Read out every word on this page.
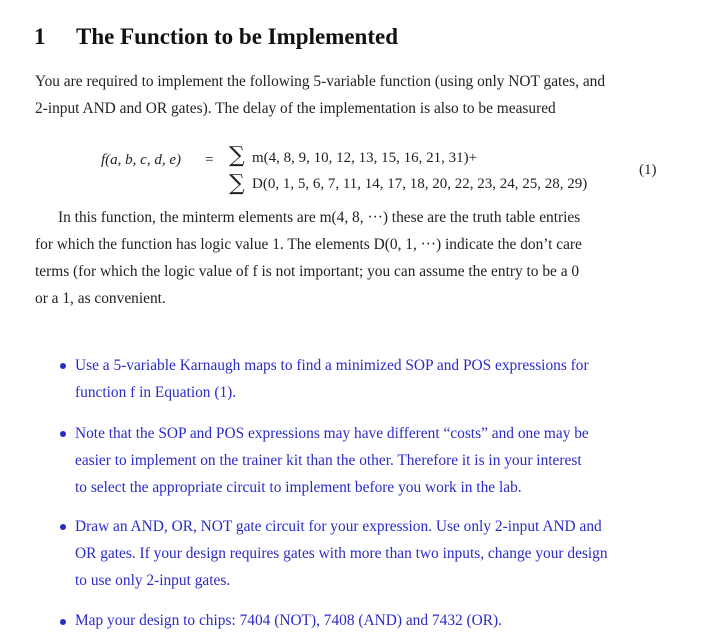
1 The Function to be Implemented
You are required to implement the following 5-variable function (using only NOT gates, and
2-input AND and OR gates). The delay of the implementation is also to be measured
f(a, b, c, d, e) = ∑ m(4, 8, 9, 10, 12, 13, 15, 16, 21, 31)+
∑ D(0, 1, 5, 6, 7, 11, 14, 17, 18, 20, 22, 23, 24, 25, 28, 29)
(1)
In this function, the minterm elements are m(4, 8, ···) these are the truth table entries
for which the function has logic value 1. The elements D(0, 1, ···) indicate the don’t care
terms (for which the logic value of f is not important; you can assume the entry to be a 0
or a 1, as convenient.
Use a 5-variable Karnaugh maps to find a minimized SOP and POS expressions for
function f in Equation (1).
Note that the SOP and POS expressions may have different “costs” and one may be
easier to implement on the trainer kit than the other. Therefore it is in your interest
to select the appropriate circuit to implement before you work in the lab.
Draw an AND, OR, NOT gate circuit for your expression. Use only 2-input AND and
OR gates. If your design requires gates with more than two inputs, change your design
to use only 2-input gates.
Map your design to chips: 7404 (NOT), 7408 (AND) and 7432 (OR).
